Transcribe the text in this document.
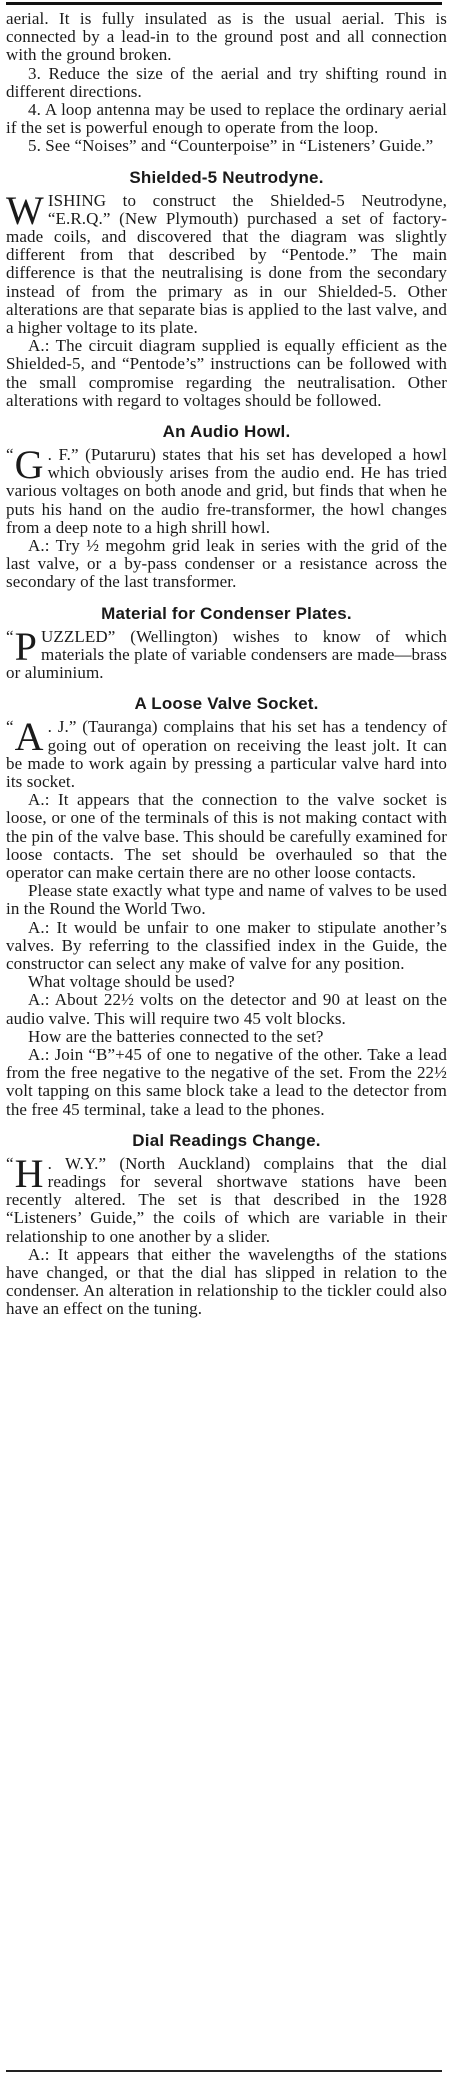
aerial. It is fully insulated as is the usual aerial. This is connected by a lead-in to the ground post and all connection with the ground broken.

3. Reduce the size of the aerial and try shifting round in different directions.

4. A loop antenna may be used to replace the ordinary aerial if the set is powerful enough to operate from the loop.

5. See “Noises” and “Counterpoise” in “Listeners’ Guide.”

Shielded-5 Neutrodyne.

WISHING to construct the Shielded-5 Neutrodyne, “E.R.Q.” (New Plymouth) purchased a set of factory-made coils, and discovered that the diagram was slightly different from that described by “Pentode.” The main difference is that the neutralising is done from the secondary instead of from the primary as in our Shielded-5. Other alterations are that separate bias is applied to the last valve, and a higher voltage to its plate.

A.: The circuit diagram supplied is equally efficient as the Shielded-5, and “Pentode’s” instructions can be followed with the small compromise regarding the neutralisation. Other alterations with regard to voltages should be followed.

An Audio Howl.

“ G . F.” (Putaruru) states that his set has developed a howl which obviously arises from the audio end. He has tried various voltages on both anode and grid, but finds that when he puts his hand on the audio fre-transformer, the howl changes from a deep note to a high shrill howl.

A.: Try ½ megohm grid leak in series with the grid of the last valve, or a by-pass condenser or a resistance across the secondary of the last transformer.

Material for Condenser Plates.

“ P UZZLED” (Wellington) wishes to know of which materials the plate of variable condensers are made—brass or aluminium.

A Loose Valve Socket.

“ A . J.” (Tauranga) complains that his set has a tendency of going out of operation on receiving the least jolt. It can be made to work again by pressing a particular valve hard into its socket.

A.: It appears that the connection to the valve socket is loose, or one of the terminals of this is not making contact with the pin of the valve base. This should be carefully examined for loose contacts. The set should be overhauled so that the operator can make certain there are no other loose contacts.

Please state exactly what type and name of valves to be used in the Round the World Two.

A.: It would be unfair to one maker to stipulate another’s valves. By referring to the classified index in the Guide, the constructor can select any make of valve for any position.

What voltage should be used?

A.: About 22½ volts on the detector and 90 at least on the audio valve. This will require two 45 volt blocks.

How are the batteries connected to the set?

A.: Join “B”+45 of one to negative of the other. Take a lead from the free negative to the negative of the set. From the 22½ volt tapping on this same block take a lead to the detector from the free 45 terminal, take a lead to the phones.

Dial Readings Change.

“ H . W.Y.” (North Auckland) complains that the dial readings for several shortwave stations have been recently altered. The set is that described in the 1928 “Listeners’ Guide,” the coils of which are variable in their relationship to one another by a slider.

A.: It appears that either the wavelengths of the stations have changed, or that the dial has slipped in relation to the condenser. An alteration in relationship to the tickler could also have an effect on the tuning.
